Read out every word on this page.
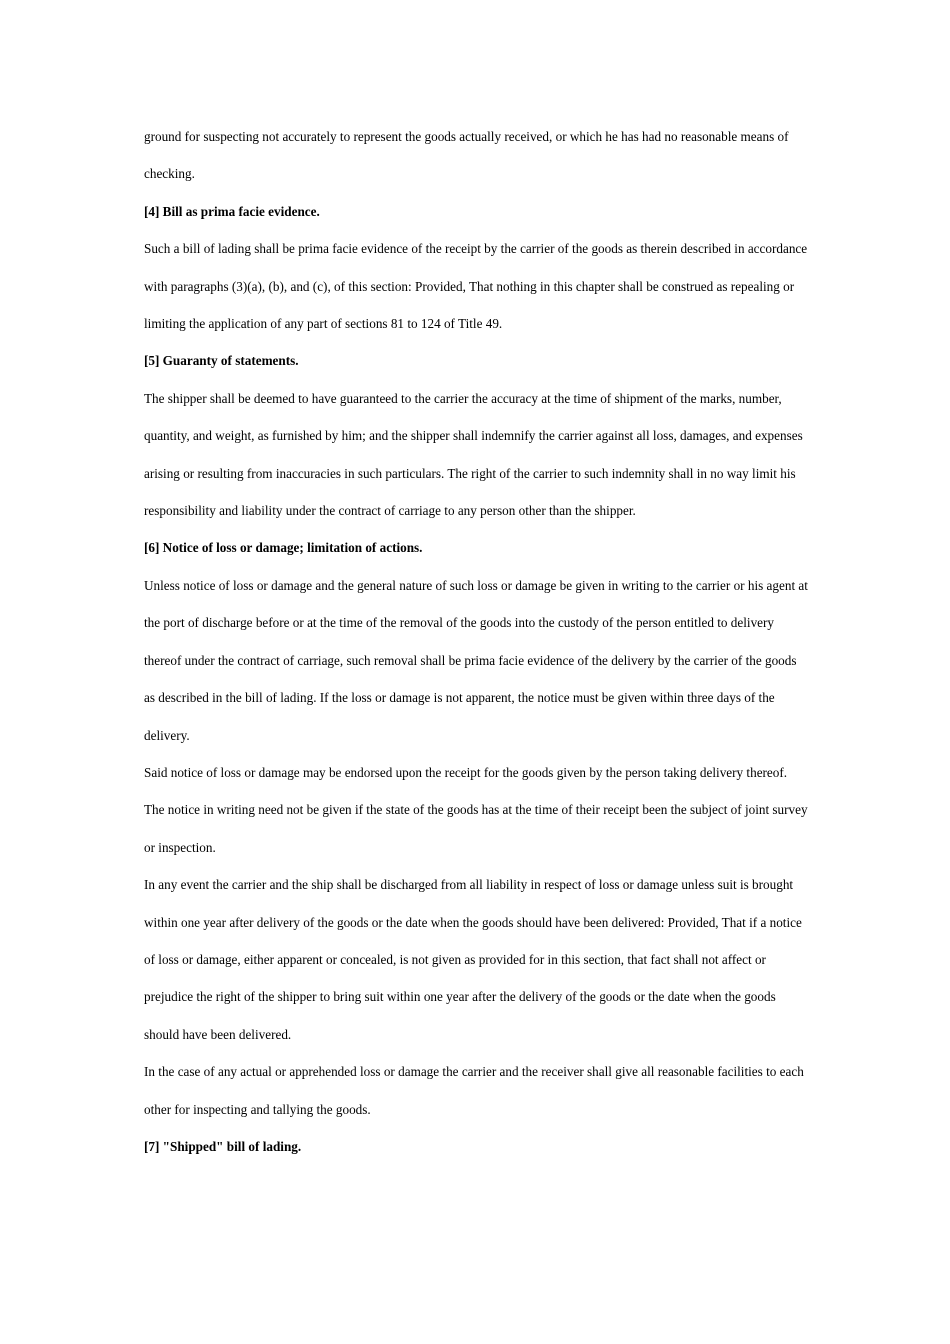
ground for suspecting not accurately to represent the goods actually received, or which he has had no reasonable means of checking.

[4] Bill as prima facie evidence.

Such a bill of lading shall be prima facie evidence of the receipt by the carrier of the goods as therein described in accordance with paragraphs (3)(a), (b), and (c), of this section: Provided, That nothing in this chapter shall be construed as repealing or limiting the application of any part of sections 81 to 124 of Title 49.

[5] Guaranty of statements.

The shipper shall be deemed to have guaranteed to the carrier the accuracy at the time of shipment of the marks, number, quantity, and weight, as furnished by him; and the shipper shall indemnify the carrier against all loss, damages, and expenses arising or resulting from inaccuracies in such particulars. The right of the carrier to such indemnity shall in no way limit his responsibility and liability under the contract of carriage to any person other than the shipper.

[6] Notice of loss or damage; limitation of actions.

Unless notice of loss or damage and the general nature of such loss or damage be given in writing to the carrier or his agent at the port of discharge before or at the time of the removal of the goods into the custody of the person entitled to delivery thereof under the contract of carriage, such removal shall be prima facie evidence of the delivery by the carrier of the goods as described in the bill of lading. If the loss or damage is not apparent, the notice must be given within three days of the delivery.

Said notice of loss or damage may be endorsed upon the receipt for the goods given by the person taking delivery thereof.

The notice in writing need not be given if the state of the goods has at the time of their receipt been the subject of joint survey or inspection.

In any event the carrier and the ship shall be discharged from all liability in respect of loss or damage unless suit is brought within one year after delivery of the goods or the date when the goods should have been delivered: Provided, That if a notice of loss or damage, either apparent or concealed, is not given as provided for in this section, that fact shall not affect or prejudice the right of the shipper to bring suit within one year after the delivery of the goods or the date when the goods should have been delivered.

In the case of any actual or apprehended loss or damage the carrier and the receiver shall give all reasonable facilities to each other for inspecting and tallying the goods.

[7] "Shipped" bill of lading.
